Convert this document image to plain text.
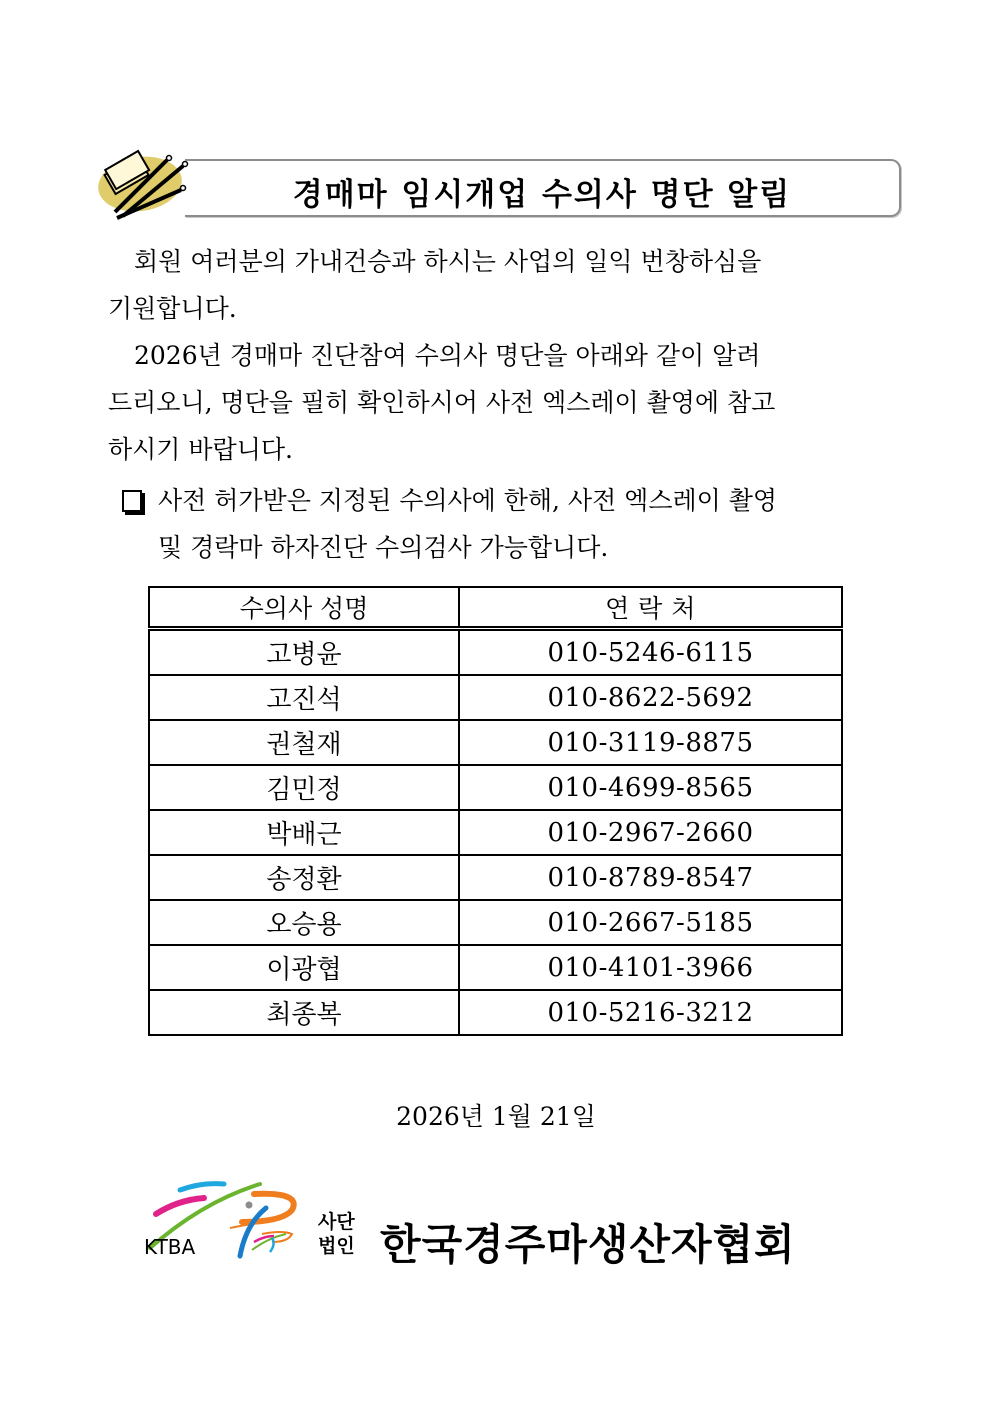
경매마 임시개업 수의사 명단 알림
회원 여러분의 가내건승과 하시는 사업의 일익 번창하심을
기원합니다.
2026년 경매마 진단참여 수의사 명단을 아래와 같이 알려
드리오니, 명단을 필히 확인하시어 사전 엑스레이 촬영에 참고
하시기 바랍니다.
사전 허가받은 지정된 수의사에 한해, 사전 엑스레이 촬영
및 경락마 하자진단 수의검사 가능합니다.
수의사 성명	연 락 처
고병윤	010-5246-6115
고진석	010-8622-5692
권철재	010-3119-8875
김민정	010-4699-8565
박배근	010-2967-2660
송정환	010-8789-8547
오승용	010-2667-5185
이광협	010-4101-3966
최종복	010-5216-3212
2026년 1월 21일
KTBA
사단
법인 한국경주마생산자협회
